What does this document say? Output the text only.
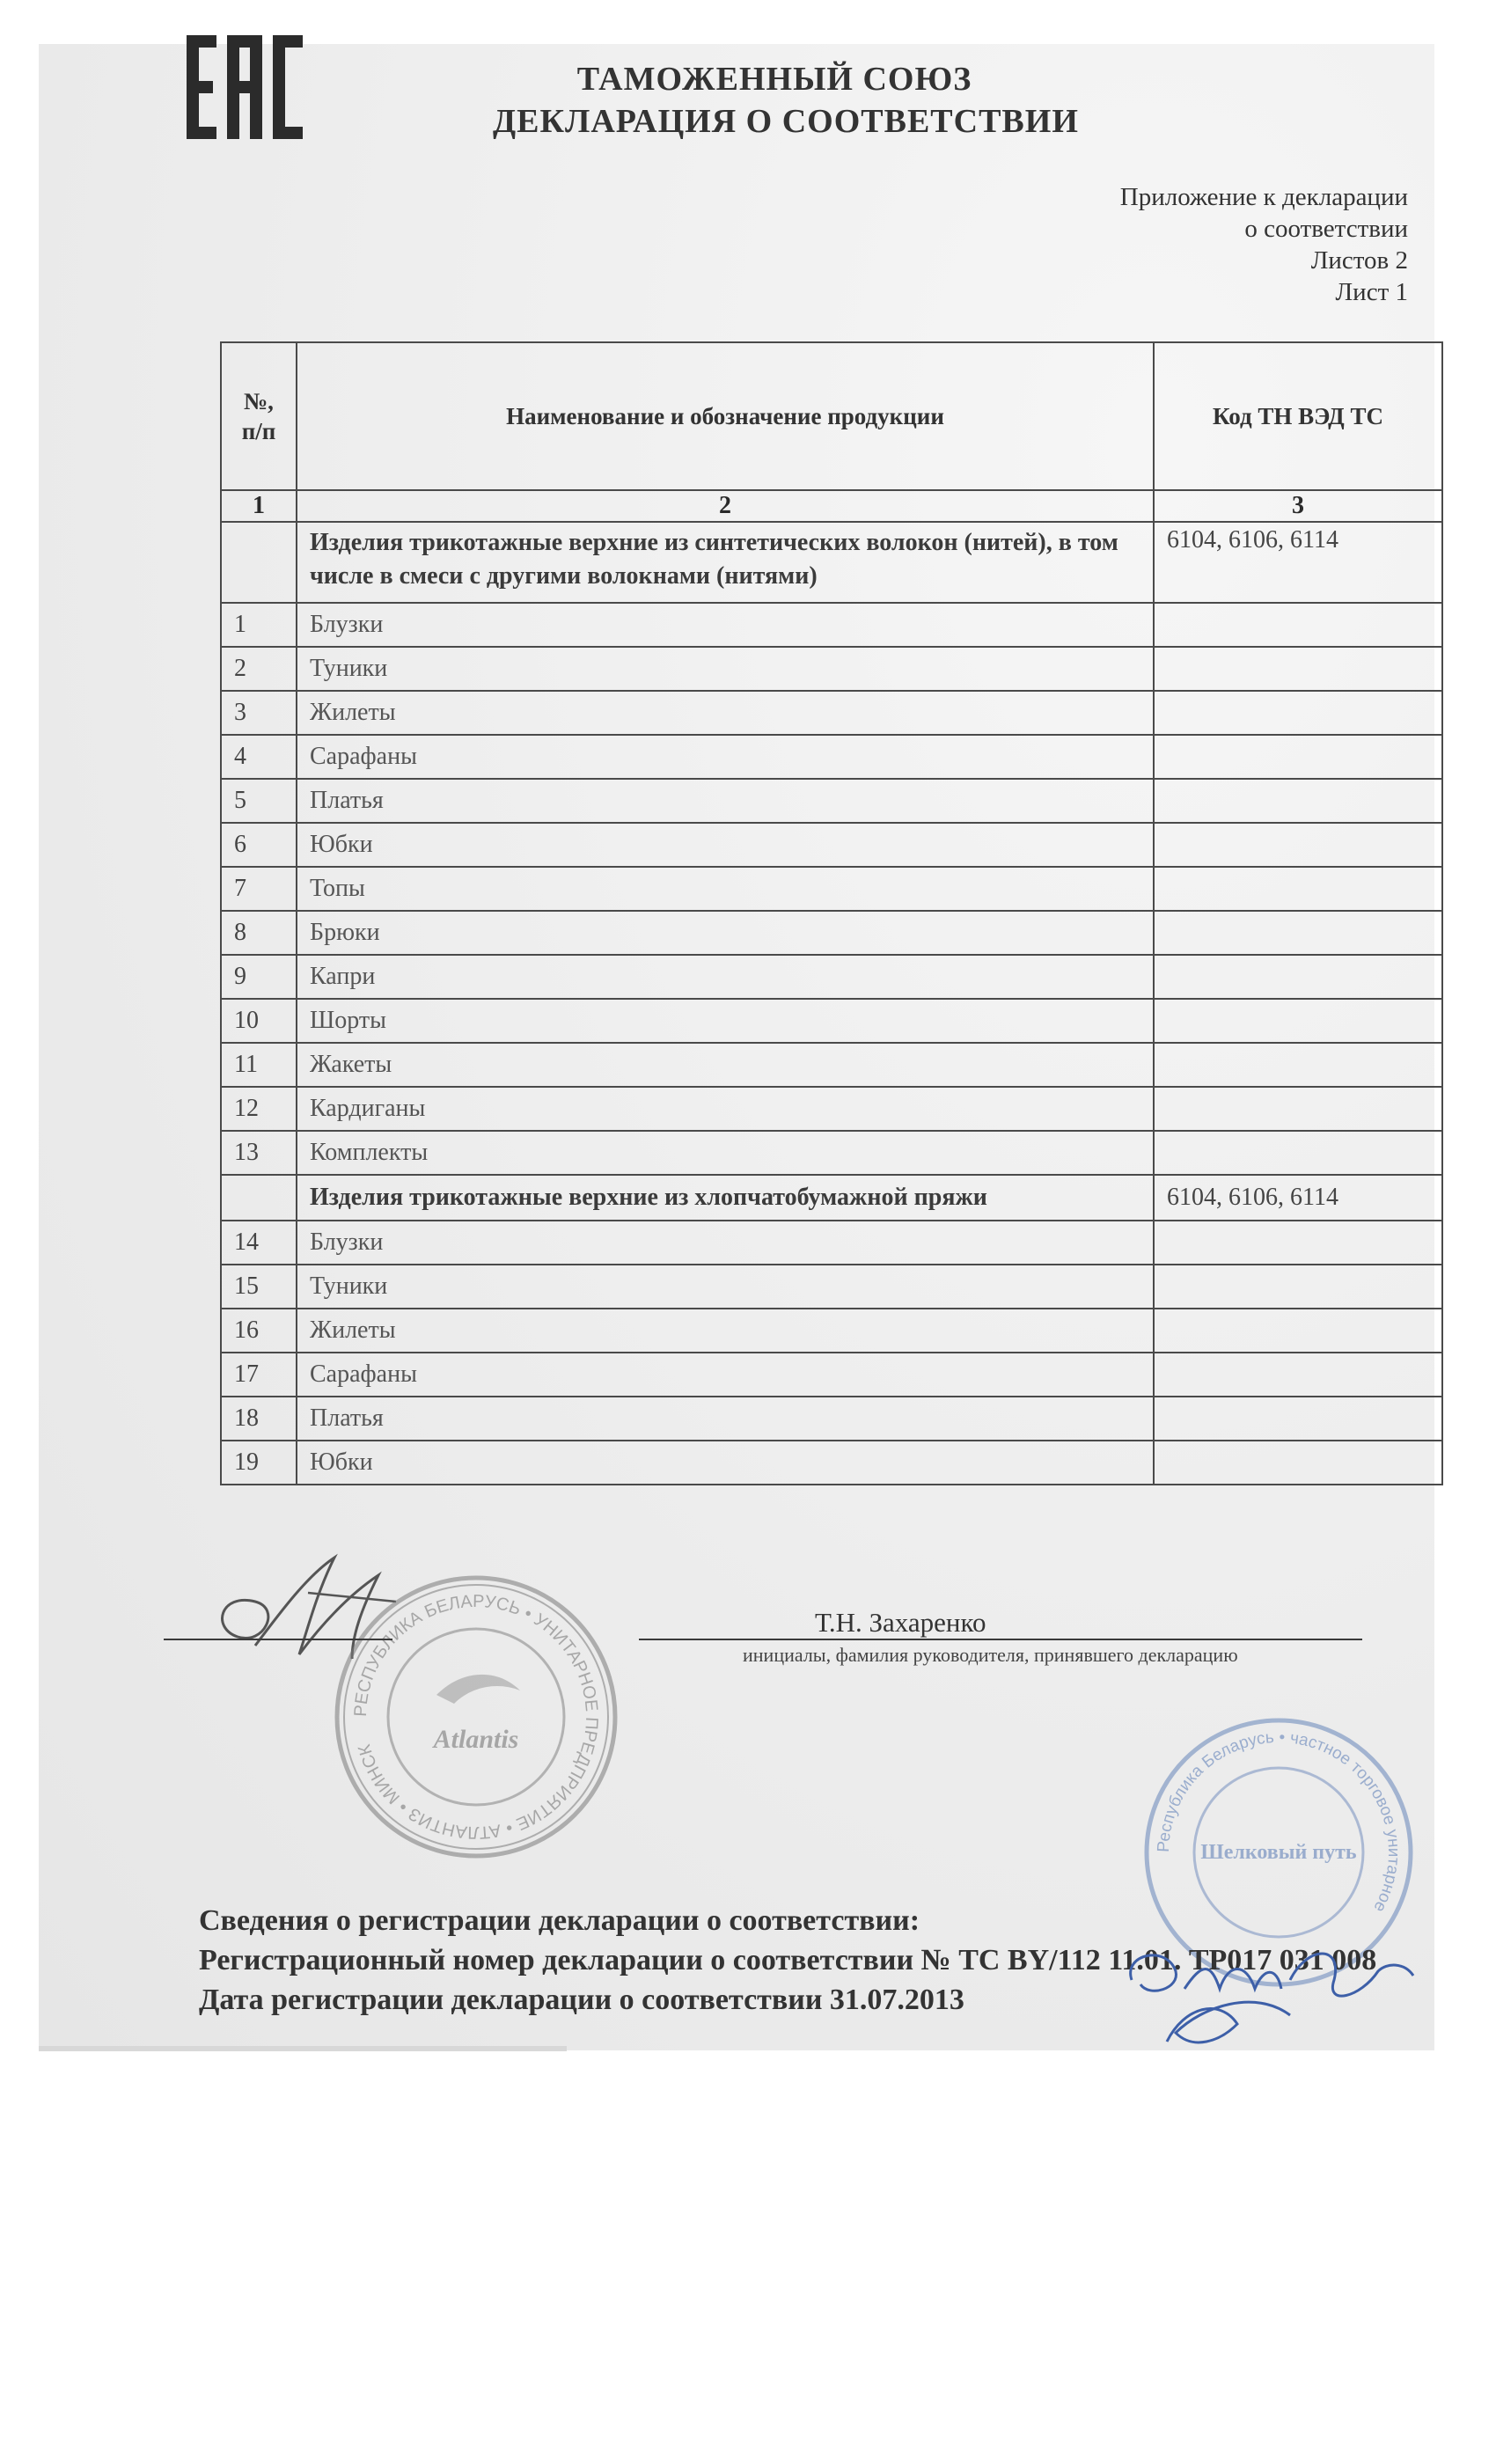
ТАМОЖЕННЫЙ СОЮЗ
ДЕКЛАРАЦИЯ О СООТВЕТСТВИИ
Приложение к декларации
о соответствии
Листов 2
Лист 1
№, п/п	Наименование и обозначение продукции	Код ТН ВЭД ТС
1	2	3
	Изделия трикотажные верхние из синтетических волокон (нитей), в том числе в смеси с другими волокнами (нитями)	6104, 6106, 6114
1	Блузки	
2	Туники	
3	Жилеты	
4	Сарафаны	
5	Платья	
6	Юбки	
7	Топы	
8	Брюки	
9	Капри	
10	Шорты	
11	Жакеты	
12	Кардиганы	
13	Комплекты	
	Изделия трикотажные верхние из хлопчатобумажной пряжи	6104, 6106, 6114
14	Блузки	
15	Туники	
16	Жилеты	
17	Сарафаны	
18	Платья	
19	Юбки	
РЕСПУБЛИКА БЕЛАРУСЬ • УНИТАРНОЕ ПРЕДПРИЯТИЕ • АТЛАНТИЗ • МИНСК	Atlantis
Республика Беларусь • частное торговое унитарное
Шелковый путь
Т.Н. Захаренко
инициалы, фамилия руководителя, принявшего декларацию
Сведения о регистрации декларации о соответствии:
Регистрационный номер декларации о соответствии № ТС BY/112 11.01. ТР017 031 008
Дата регистрации декларации о соответствии 31.07.2013
